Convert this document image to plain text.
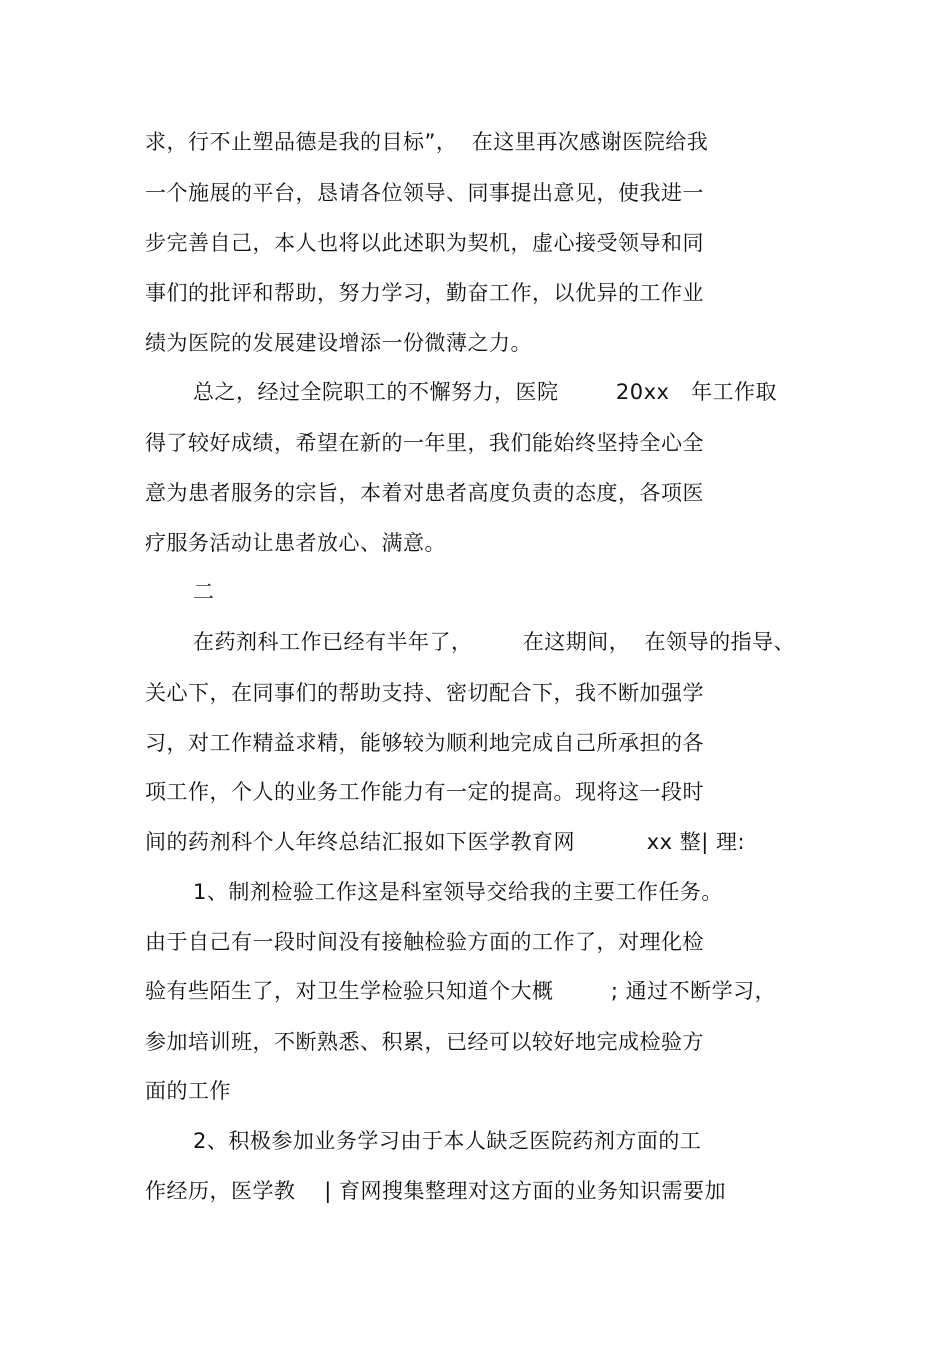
求，行不止塑品德是我的目标”，  在这里再次感谢医院给我
一个施展的平台，恳请各位领导、同事提出意见，使我进一
步完善自己，本人也将以此述职为契机，虚心接受领导和同
事们的批评和帮助，努力学习，勤奋工作，以优异的工作业
绩为医院的发展建设增添一份微薄之力。
总之，经过全院职工的不懈努力，医院        20xx   年工作取
得了较好成绩，希望在新的一年里，我们能始终坚持全心全
意为患者服务的宗旨，本着对患者高度负责的态度，各项医
疗服务活动让患者放心、满意。
二
在药剂科工作已经有半年了，       在这期间，  在领导的指导、
关心下，在同事们的帮助支持、密切配合下，我不断加强学
习，对工作精益求精，能够较为顺利地完成自己所承担的各
项工作，个人的业务工作能力有一定的提高。现将这一段时
间的药剂科个人年终总结汇报如下医学教育网          xx 整| 理:
1、制剂检验工作这是科室领导交给我的主要工作任务。
由于自己有一段时间没有接触检验方面的工作了，对理化检
验有些陌生了，对卫生学检验只知道个大概        ; 通过不断学习，
参加培训班，不断熟悉、积累，已经可以较好地完成检验方
面的工作
2、积极参加业务学习由于本人缺乏医院药剂方面的工
作经历，医学教    | 育网搜集整理对这方面的业务知识需要加
